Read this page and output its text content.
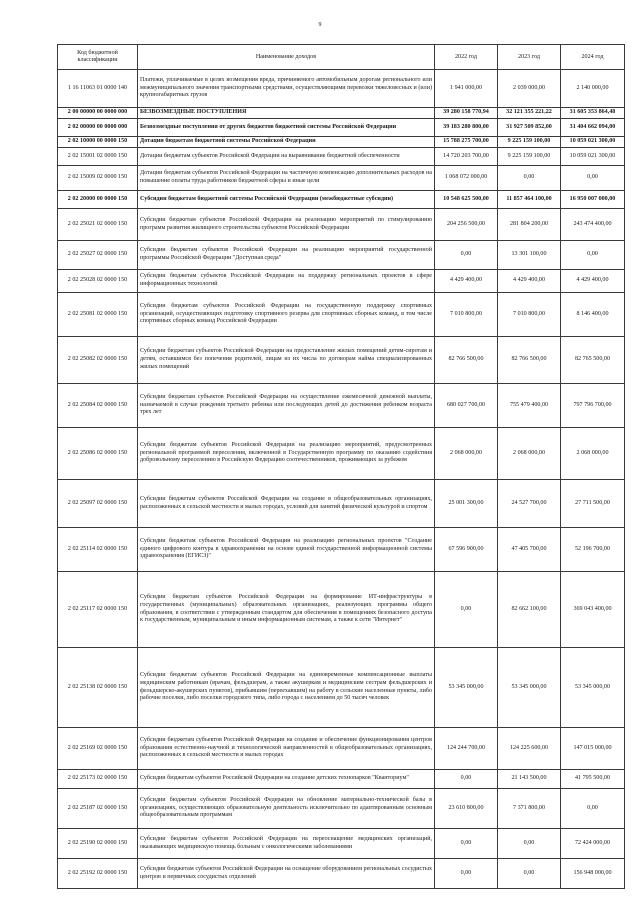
9
Код бюджетной классификации	Наименование доходов	2022 год	2023 год	2024 год
1 16 11063 01 0000 140	Платежи, уплачиваемые в целях возмещения вреда, причиняемого автомобильным дорогам регионального или межмуниципального значения транспортными средствами, осуществляющими перевозки тяжеловесных и (или) крупногабаритных грузов	1 941 000,00	2 039 000,00	2 140 000,00
2 00 00000 00 0000 000	БЕЗВОЗМЕЗДНЫЕ ПОСТУПЛЕНИЯ	39 280 158 770,94	32 121 355 221,22	31 605 353 864,48
2 02 00000 00 0000 000	Безвозмездные поступления от других бюджетов бюджетной системы Российской Федерации	39 183 280 800,00	31 927 509 852,00	31 404 662 094,00
2 02 10000 00 0000 150	Дотации бюджетам бюджетной системы Российской Федерации	15 788 275 700,00	9 225 159 100,00	10 059 021 300,00
2 02 15001 02 0000 150	Дотации бюджетам субъектов Российской Федерации на выравнивание бюджетной обеспеченности	14 720 203 700,00	9 225 159 100,00	10 059 021 300,00
2 02 15009 02 0000 150	Дотации бюджетам субъектов Российской Федерации на частичную компенсацию дополнительных расходов на повышение оплаты труда работников бюджетной сферы и иные цели	1 068 072 000,00	0,00	0,00
2 02 20000 00 0000 150	Субсидии бюджетам бюджетной системы Российской Федерации (межбюджетные субсидии)	10 548 625 500,00	11 857 464 100,00	16 950 007 000,00
2 02 25021 02 0000 150	Субсидии бюджетам субъектов Российской Федерации на реализацию мероприятий по стимулированию программ развития жилищного строительства субъектов Российской Федерации	204 256 500,00	281 804 200,00	243 474 400,00
2 02 25027 02 0000 150	Субсидии бюджетам субъектов Российской Федерации на реализацию мероприятий государственной программы Российской Федерации "Доступная среда"	0,00	13 301 100,00	0,00
2 02 25028 02 0000 150	Субсидии бюджетам субъектов Российской Федерации на поддержку региональных проектов в сфере информационных технологий	4 429 400,00	4 429 400,00	4 429 400,00
2 02 25081 02 0000 150	Субсидии бюджетам субъектов Российской Федерации на государственную поддержку спортивных организаций, осуществляющих подготовку спортивного резерва для спортивных сборных команд, в том числе спортивных сборных команд Российской Федерации	7 010 800,00	7 010 800,00	8 146 400,00
2 02 25082 02 0000 150	Субсидии бюджетам субъектов Российской Федерации на предоставление жилых помещений детям-сиротам и детям, оставшимся без попечения родителей, лицам из их числа по договорам найма специализированных жилых помещений	82 766 500,00	82 766 500,00	82 765 500,00
2 02 25084 02 0000 150	Субсидии бюджетам субъектов Российской Федерации на осуществление ежемесячной денежной выплаты, назначаемой в случае рождения третьего ребенка или последующих детей до достижения ребенком возраста трех лет	680 027 700,00	755 479 400,00	797 796 700,00
2 02 25086 02 0000 150	Субсидии бюджетам субъектов Российской Федерации на реализацию мероприятий, предусмотренных региональной программой переселения, включенной в Государственную программу по оказанию содействия добровольному переселению в Российскую Федерацию соотечественников, проживающих за рубежом	2 068 000,00	2 068 000,00	2 068 000,00
2 02 25097 02 0000 150	Субсидии бюджетам субъектов Российской Федерации на создание в общеобразовательных организациях, расположенных в сельской местности и малых городах, условий для занятий физической культурой и спортом	25 001 300,00	24 527 700,00	27 711 500,00
2 02 25114 02 0000 150	Субсидии бюджетам субъектов Российской Федерации на реализацию региональных проектов "Создание единого цифрового контура в здравоохранении на основе единой государственной информационной системы здравоохранения (ЕГИСЗ)"	67 596 900,00	47 405 700,00	52 196 700,00
2 02 25117 02 0000 150	Субсидии бюджетам субъектов Российской Федерации на формирование ИТ-инфраструктуры в государственных (муниципальных) образовательных организациях, реализующих программы общего образования, в соответствии с утвержденным стандартом для обеспечения в помещениях безопасного доступа к государственным, муниципальным и иным информационным системам, а также к сети "Интернет"	0,00	82 662 100,00	369 043 400,00
2 02 25138 02 0000 150	Субсидии бюджетам субъектов Российской Федерации на единовременные компенсационные выплаты медицинским работникам (врачам, фельдшерам, а также акушеркам и медицинским сестрам фельдшерских и фельдшерско-акушерских пунктов), прибывшим (переехавшим) на работу в сельские населенные пункты, либо рабочие поселки, либо поселки городского типа, либо города с населением до 50 тысяч человек	53 345 000,00	53 345 000,00	53 345 000,00
2 02 25169 02 0000 150	Субсидии бюджетам субъектов Российской Федерации на создание и обеспечение функционирования центров образования естественно-научной и технологической направленностей в общеобразовательных организациях, расположенных в сельской местности и малых городах	124 244 700,00	124 225 600,00	147 015 000,00
2 02 25173 02 0000 150	Субсидии бюджетам субъектов Российской Федерации на создание детских технопарков "Кванториум"	0,00	21 143 500,00	41 795 500,00
2 02 25187 02 0000 150	Субсидии бюджетам субъектов Российской Федерации на обновление материально-технической базы в организациях, осуществляющих образовательную деятельность исключительно по адаптированным основным общеобразовательным программам	23 610 800,00	7 371 800,00	0,00
2 02 25190 02 0000 150	Субсидии бюджетам субъектов Российской Федерации на переоснащение медицинских организаций, оказывающих медицинскую помощь больным с онкологическими заболеваниями	0,00	0,00	72 424 000,00
2 02 25192 02 0000 150	Субсидии бюджетам субъектов Российской Федерации на оснащение оборудованием региональных сосудистых центров и первичных сосудистых отделений	0,00	0,00	156 948 000,00
